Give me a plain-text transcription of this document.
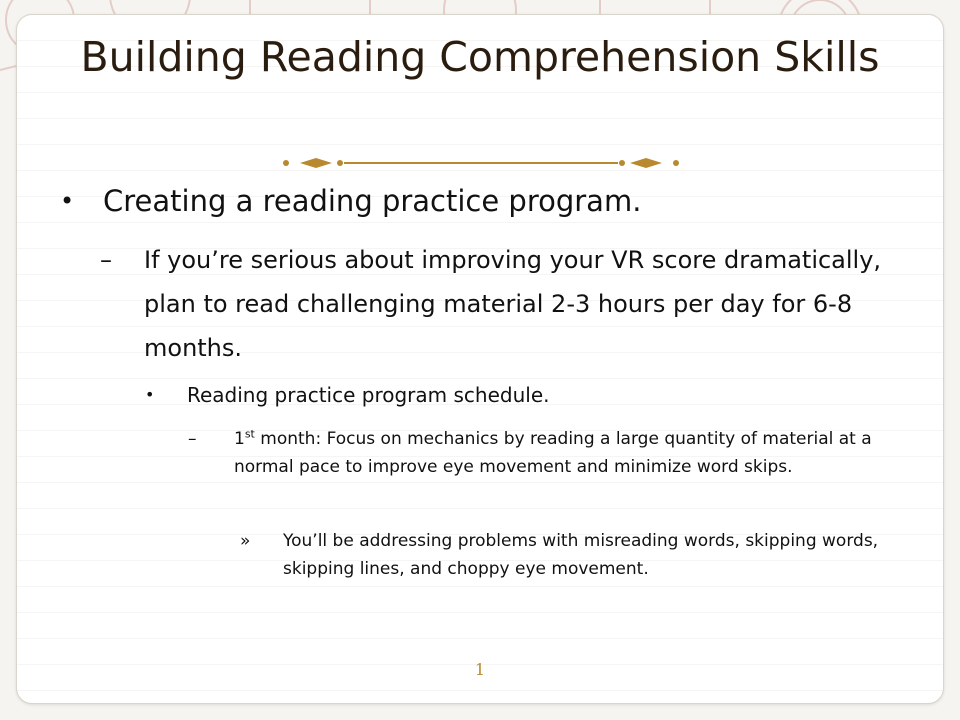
Building Reading Comprehension Skills
• Creating a reading practice program.
– If you’re serious about improving your VR score dramatically, plan to read challenging material 2-3 hours per day for 6-8 months.
• Reading practice program schedule.
– 1st month: Focus on mechanics by reading a large quantity of material at a normal pace to improve eye movement and minimize word skips.
» You’ll be addressing problems with misreading words, skipping words, skipping lines, and choppy eye movement.
1
